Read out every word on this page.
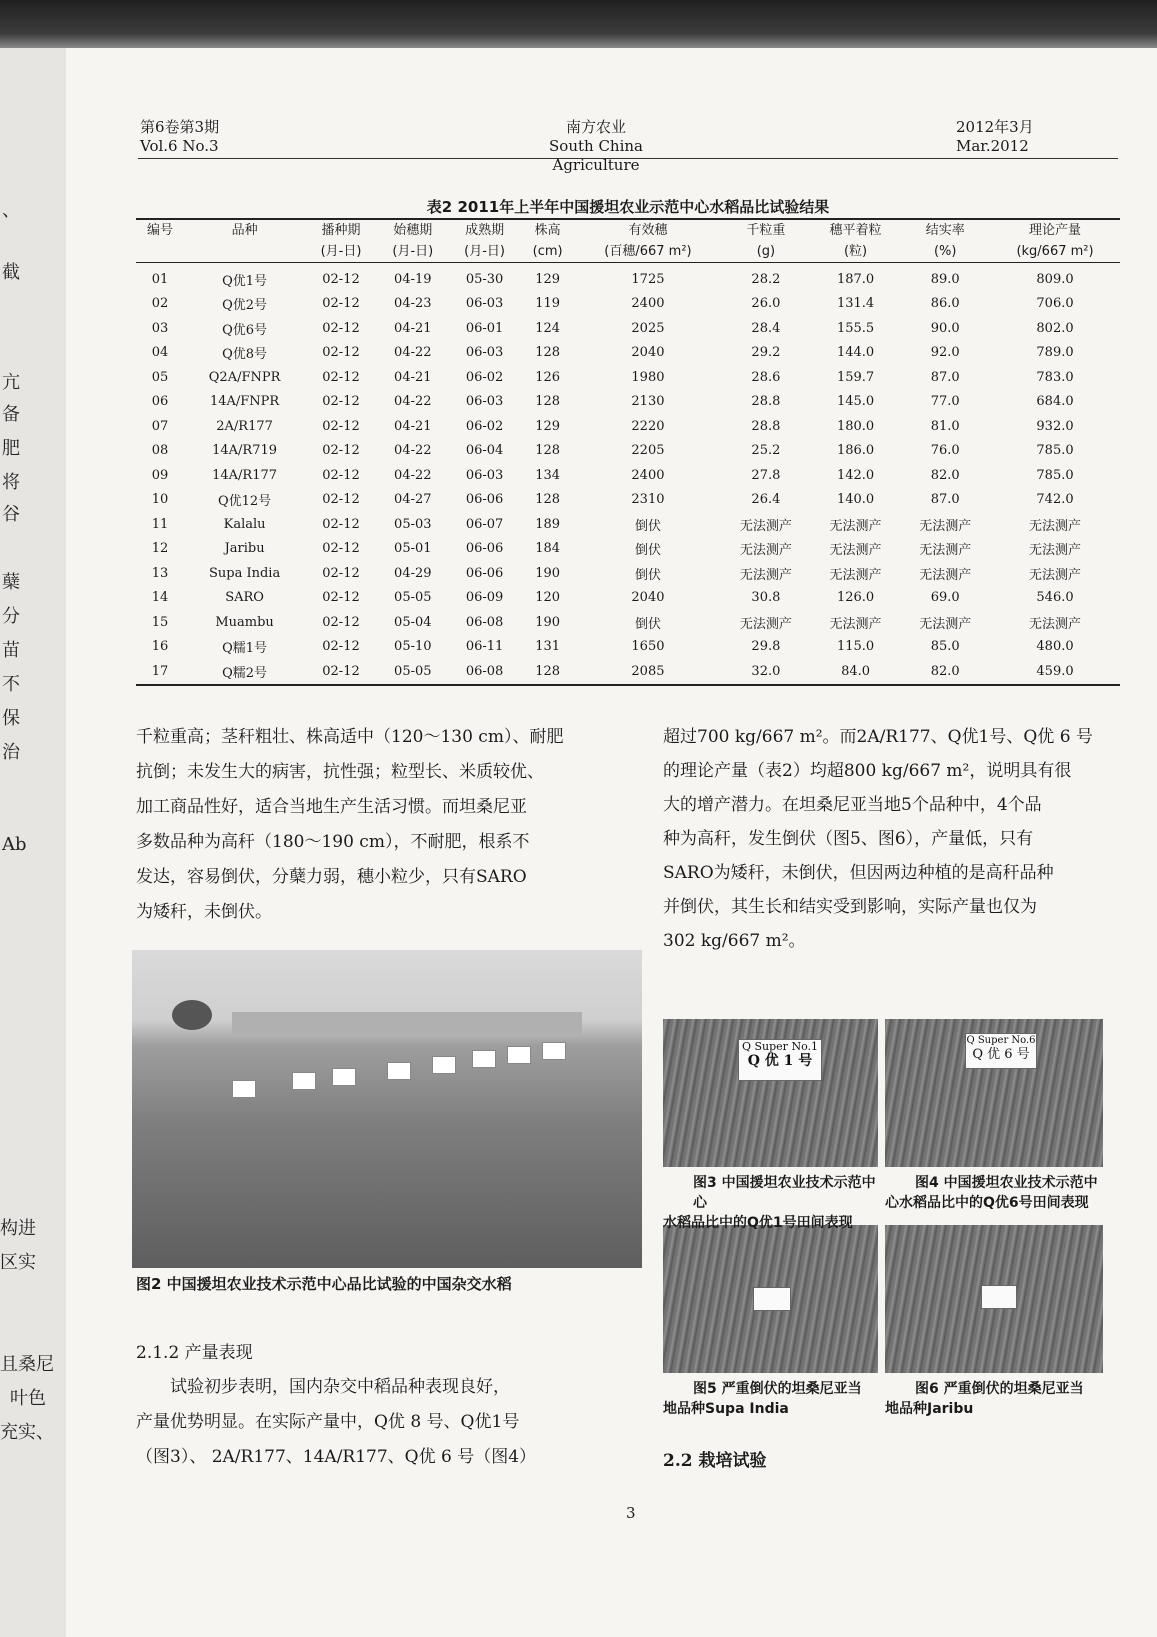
、
截
亢
备
肥
将
谷
蘖
分
苗
不
保
治
Ab
构进
区实
且桑尼
叶色
充实、
第6卷第3期
Vol.6 No.3
南方农业
South China Agriculture
2012年3月
Mar.2012
表2 2011年上半年中国援坦农业示范中心水稻品比试验结果
编号	品种	播种期	始穗期	成熟期	株高	有效穗	千粒重	穗平着粒	结实率	理论产量
		(月-日)	(月-日)	(月-日)	(cm)	(百穗/667 m²)	(g)	(粒)	(%)	(kg/667 m²)
01	Q优1号	02-12	04-19	05-30	129	1725	28.2	187.0	89.0	809.0
02	Q优2号	02-12	04-23	06-03	119	2400	26.0	131.4	86.0	706.0
03	Q优6号	02-12	04-21	06-01	124	2025	28.4	155.5	90.0	802.0
04	Q优8号	02-12	04-22	06-03	128	2040	29.2	144.0	92.0	789.0
05	Q2A/FNPR	02-12	04-21	06-02	126	1980	28.6	159.7	87.0	783.0
06	14A/FNPR	02-12	04-22	06-03	128	2130	28.8	145.0	77.0	684.0
07	2A/R177	02-12	04-21	06-02	129	2220	28.8	180.0	81.0	932.0
08	14A/R719	02-12	04-22	06-04	128	2205	25.2	186.0	76.0	785.0
09	14A/R177	02-12	04-22	06-03	134	2400	27.8	142.0	82.0	785.0
10	Q优12号	02-12	04-27	06-06	128	2310	26.4	140.0	87.0	742.0
11	Kalalu	02-12	05-03	06-07	189	倒伏	无法测产	无法测产	无法测产	无法测产
12	Jaribu	02-12	05-01	06-06	184	倒伏	无法测产	无法测产	无法测产	无法测产
13	Supa India	02-12	04-29	06-06	190	倒伏	无法测产	无法测产	无法测产	无法测产
14	SARO	02-12	05-05	06-09	120	2040	30.8	126.0	69.0	546.0
15	Muambu	02-12	05-04	06-08	190	倒伏	无法测产	无法测产	无法测产	无法测产
16	Q糯1号	02-12	05-10	06-11	131	1650	29.8	115.0	85.0	480.0
17	Q糯2号	02-12	05-05	06-08	128	2085	32.0	84.0	82.0	459.0

千粒重高；茎秆粗壮、株高适中（120～130 cm）、耐肥

抗倒；未发生大的病害，抗性强；粒型长、米质较优、

加工商品性好，适合当地生产生活习惯。而坦桑尼亚

多数品种为高秆（180～190 cm），不耐肥，根系不

发达，容易倒伏，分蘖力弱，穗小粒少，只有SARO

为矮秆，未倒伏。

超过700 kg/667 m²。而2A/R177、Q优1号、Q优 6 号

的理论产量（表2）均超800 kg/667 m²，说明具有很

大的增产潜力。在坦桑尼亚当地5个品种中，4个品

种为高秆，发生倒伏（图5、图6），产量低，只有

SARO为矮秆，未倒伏，但因两边种植的是高秆品种

并倒伏，其生长和结实受到影响，实际产量也仅为

302 kg/667 m²。

图2 中国援坦农业技术示范中心品比试验的中国杂交水稻
Q Super No.1
Q 优 1 号
Q Super No.6
Q 优 6 号
图3 中国援坦农业技术示范中心
水稻品比中的Q优1号田间表现
图4 中国援坦农业技术示范中
心水稻品比中的Q优6号田间表现
图5 严重倒伏的坦桑尼亚当
地品种Supa India
图6 严重倒伏的坦桑尼亚当
地品种Jaribu
2.1.2 产量表现

试验初步表明，国内杂交中稻品种表现良好，

产量优势明显。在实际产量中，Q优 8 号、Q优1号

（图3）、 2A/R177、14A/R177、Q优 6 号（图4）	2.2 栽培试验
3
